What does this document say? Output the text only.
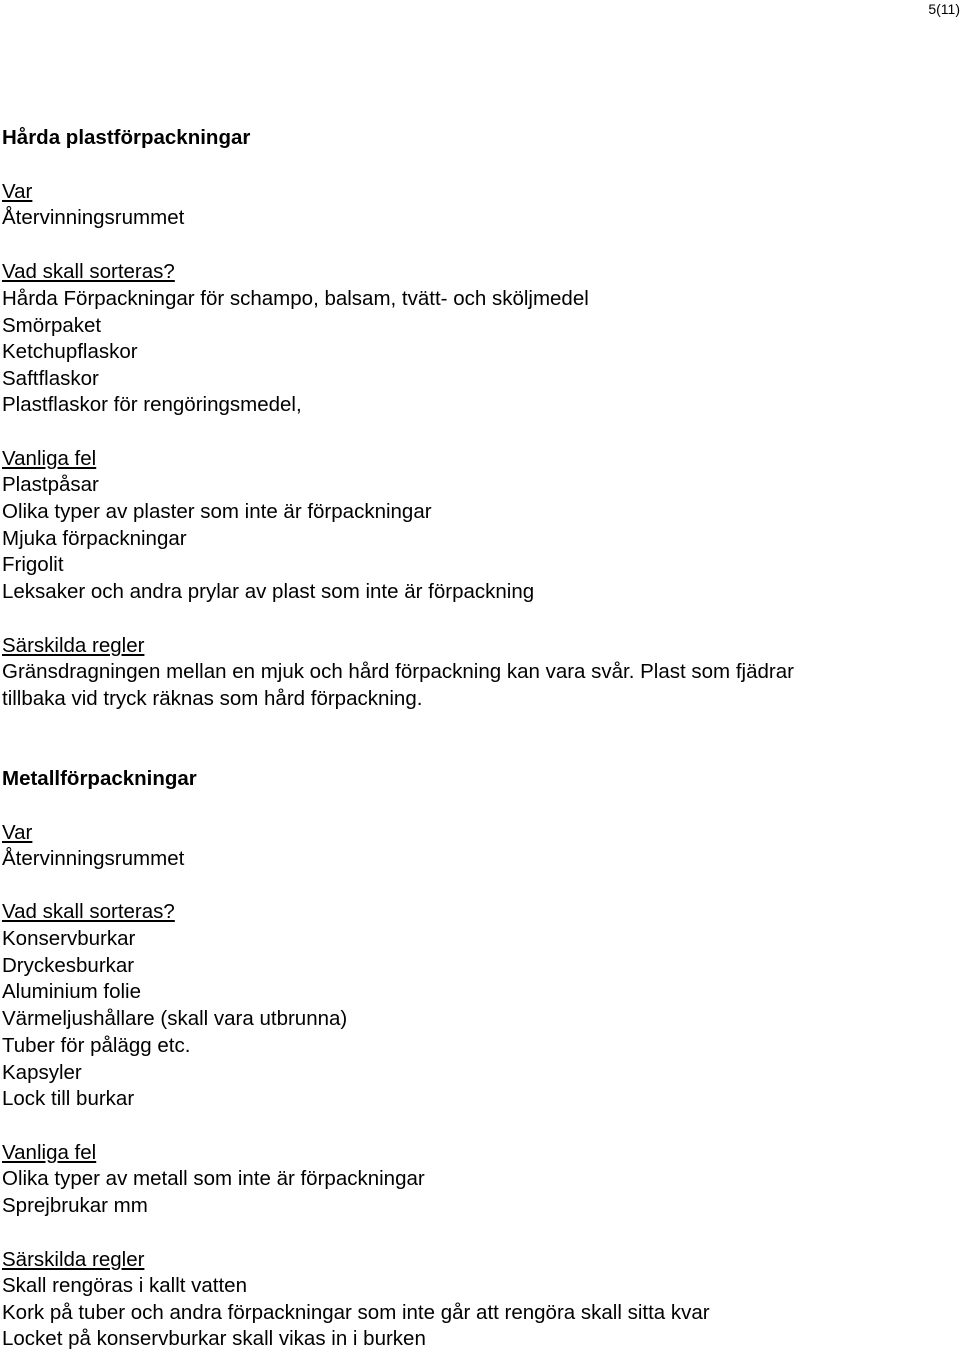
5(11)
Hårda plastförpackningar
Var
Återvinningsrummet
Vad skall sorteras?
Hårda Förpackningar för schampo, balsam, tvätt- och sköljmedel
Smörpaket
Ketchupflaskor
Saftflaskor
Plastflaskor för rengöringsmedel,
Vanliga fel
Plastpåsar
Olika typer av plaster som inte är förpackningar
Mjuka förpackningar
Frigolit
Leksaker och andra prylar av plast som inte är förpackning
Särskilda regler
Gränsdragningen mellan en mjuk och hård förpackning kan vara svår. Plast som fjädrar
tillbaka vid tryck räknas som hård förpackning.
Metallförpackningar
Var
Återvinningsrummet
Vad skall sorteras?
Konservburkar
Dryckesburkar
Aluminium folie
Värmeljushållare (skall vara utbrunna)
Tuber för pålägg etc.
Kapsyler
Lock till burkar
Vanliga fel
Olika typer av metall som inte är förpackningar
Sprejbrukar mm
Särskilda regler
Skall rengöras i kallt vatten
Kork på tuber och andra förpackningar som inte går att rengöra skall sitta kvar
Locket på konservburkar skall vikas in i burken
